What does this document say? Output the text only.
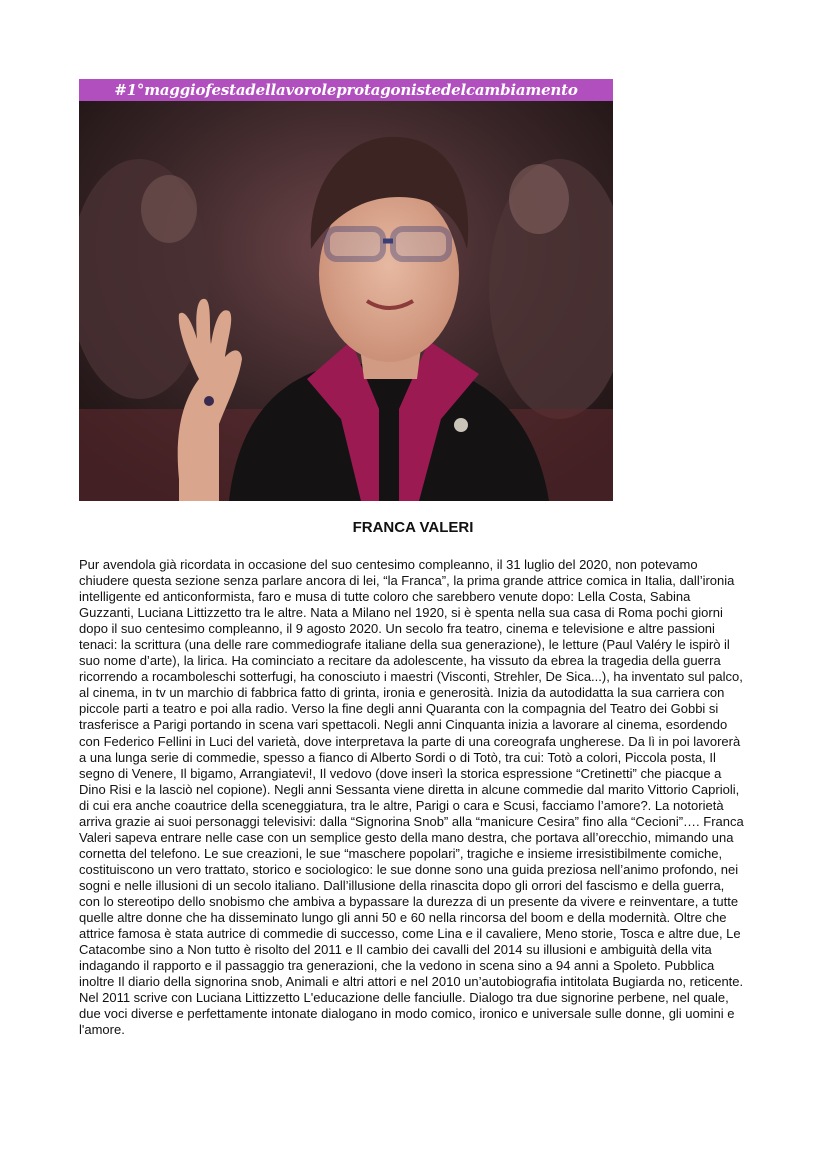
#1°maggiofestadellavoroleprotagonistedelcambiamento
FRANCA VALERI

Pur avendola già ricordata in occasione del suo centesimo compleanno, il 31 luglio del 2020, non potevamo chiudere questa sezione senza parlare ancora di lei, “la Franca”, la prima grande attrice comica in Italia, dall’ironia intelligente ed anticonformista, faro e musa di tutte coloro che sarebbero venute dopo: Lella Costa, Sabina Guzzanti, Luciana Littizzetto tra le altre. Nata a Milano nel 1920, si è spenta nella sua casa di Roma pochi giorni dopo il suo centesimo compleanno, il 9 agosto 2020. Un secolo fra teatro, cinema e televisione e altre passioni tenaci: la scrittura (una delle rare commediografe italiane della sua generazione), le letture (Paul Valéry le ispirò il suo nome d’arte), la lirica. Ha cominciato a recitare da adolescente, ha vissuto da ebrea la tragedia della guerra ricorrendo a rocamboleschi sotterfugi, ha conosciuto i maestri (Visconti, Strehler, De Sica...), ha inventato sul palco, al cinema, in tv un marchio di fabbrica fatto di grinta, ironia e generosità. Inizia da autodidatta la sua carriera con piccole parti a teatro e poi alla radio. Verso la fine degli anni Quaranta con la compagnia del Teatro dei Gobbi si trasferisce a Parigi portando in scena vari spettacoli. Negli anni Cinquanta inizia a lavorare al cinema, esordendo con Federico Fellini in Luci del varietà, dove interpretava la parte di una coreografa ungherese. Da lì in poi lavorerà a una lunga serie di commedie, spesso a fianco di Alberto Sordi o di Totò, tra cui: Totò a colori, Piccola posta, Il segno di Venere, Il bigamo, Arrangiatevi!, Il vedovo (dove inserì la storica espressione “Cretinetti” che piacque a Dino Risi e la lasciò nel copione). Negli anni Sessanta viene diretta in alcune commedie dal marito Vittorio Caprioli, di cui era anche coautrice della sceneggiatura, tra le altre, Parigi o cara e Scusi, facciamo l’amore?. La notorietà arriva grazie ai suoi personaggi televisivi: dalla “Signorina Snob” alla “manicure Cesira” fino alla “Cecioni”…. Franca Valeri sapeva entrare nelle case con un semplice gesto della mano destra, che portava all’orecchio, mimando una cornetta del telefono. Le sue creazioni, le sue “maschere popolari”, tragiche e insieme irresistibilmente comiche, costituiscono un vero trattato, storico e sociologico: le sue donne sono una guida preziosa nell’animo profondo, nei sogni e nelle illusioni di un secolo italiano. Dall’illusione della rinascita dopo gli orrori del fascismo e della guerra, con lo stereotipo dello snobismo che ambiva a bypassare la durezza di un presente da vivere e reinventare, a tutte quelle altre donne che ha disseminato lungo gli anni 50 e 60 nella rincorsa del boom e della modernità. Oltre che attrice famosa è stata autrice di commedie di successo, come Lina e il cavaliere, Meno storie, Tosca e altre due, Le Catacombe sino a Non tutto è risolto del 2011 e Il cambio dei cavalli del 2014 su illusioni e ambiguità della vita indagando il rapporto e il passaggio tra generazioni, che la vedono in scena sino a 94 anni a Spoleto. Pubblica inoltre Il diario della signorina snob, Animali e altri attori e nel 2010 un’autobiografia intitolata Bugiarda no, reticente. Nel 2011 scrive con Luciana Littizzetto L'educazione delle fanciulle. Dialogo tra due signorine perbene, nel quale, due voci diverse e perfettamente intonate dialogano in modo comico, ironico e universale sulle donne, gli uomini e l'amore.
